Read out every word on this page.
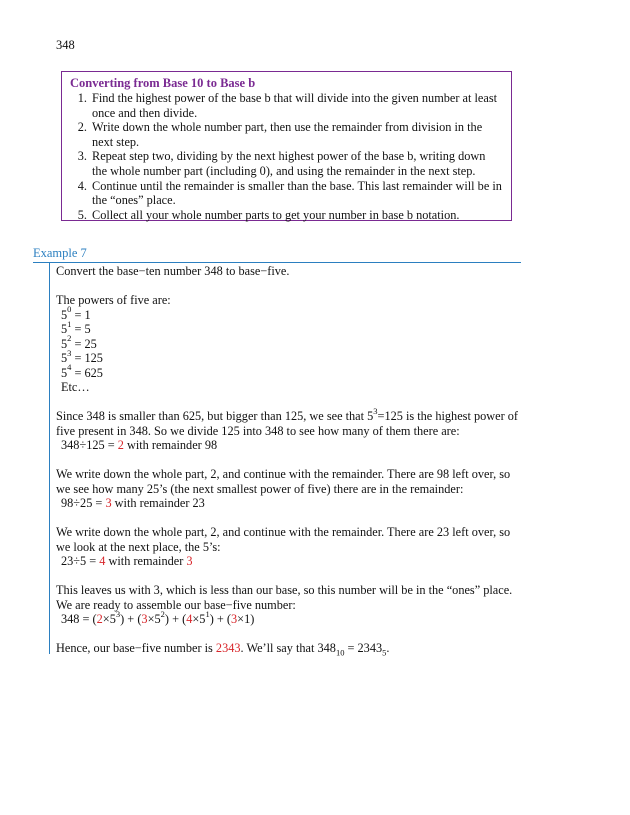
348
Converting from Base 10 to Base b
1. Find the highest power of the base b that will divide into the given number at least once and then divide.
2. Write down the whole number part, then use the remainder from division in the next step.
3. Repeat step two, dividing by the next highest power of the base b, writing down the whole number part (including 0), and using the remainder in the next step.
4. Continue until the remainder is smaller than the base. This last remainder will be in the “ones” place.
5. Collect all your whole number parts to get your number in base b notation.
Example 7

Convert the base−ten number 348 to base−five.

The powers of five are:

$5^0 = 1$

$5^1 = 5$

$5^2 = 25$

$5^3 = 125$

$5^4 = 625$

Etc…

Since 348 is smaller than 625, but bigger than 125, we see that $5^3=125$ is the highest power of five present in 348. So we divide 125 into 348 to see how many of them there are:

348÷125 = 2 with remainder 98

We write down the whole part, 2, and continue with the remainder. There are 98 left over, so we see how many 25’s (the next smallest power of five) there are in the remainder:

98÷25 = 3 with remainder 23

We write down the whole part, 2, and continue with the remainder. There are 23 left over, so we look at the next place, the 5’s:

23÷5 = 4 with remainder 3

This leaves us with 3, which is less than our base, so this number will be in the “ones” place. We are ready to assemble our base−five number:

$348 = (2\times 5^3) + (3\times 5^2) + (4\times 5^1) + (3\times 1)$

Hence, our base−five number is 2343. We’ll say that $348_{10} = 2343_5$.
